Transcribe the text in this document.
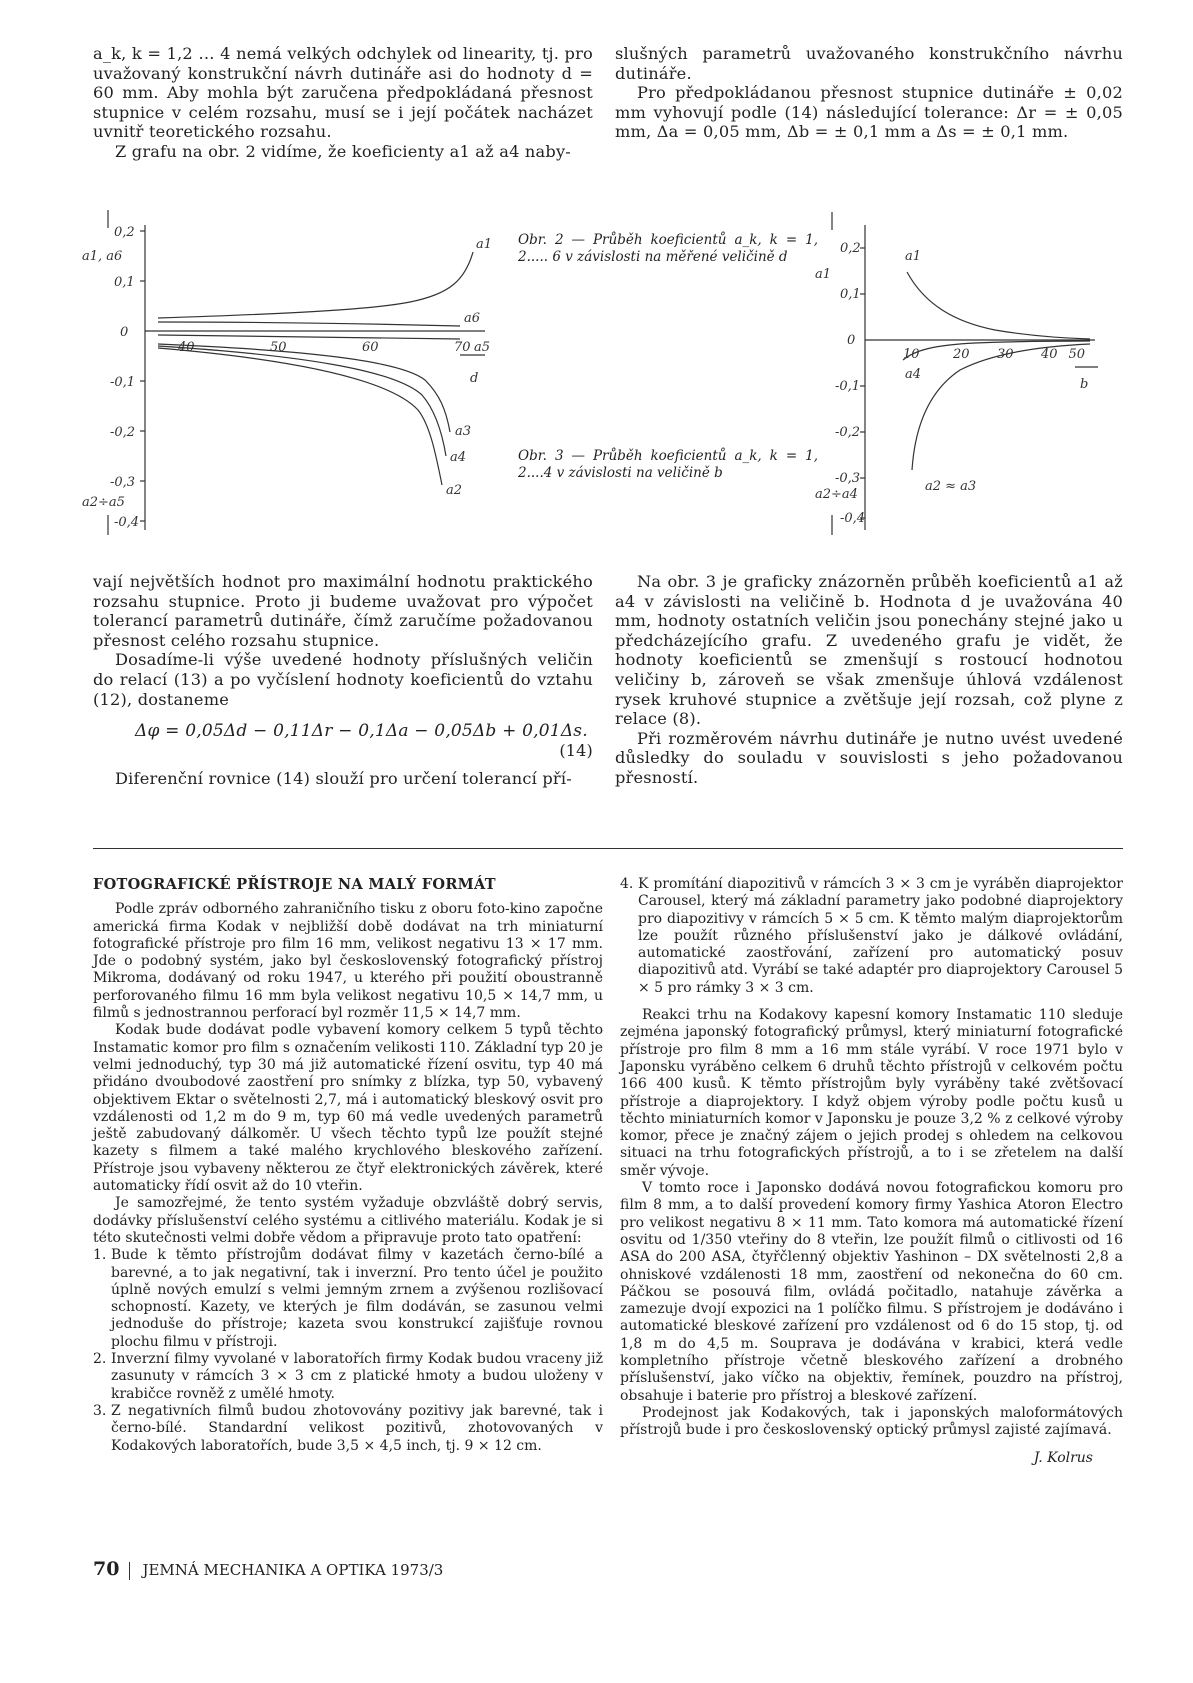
a_k, k = 1,2 … 4 nemá velkých odchylek od linearity, tj. pro uvažovaný konstrukční návrh dutináře asi do hodnoty d = 60 mm. Aby mohla být zaručena předpokládaná přesnost stupnice v celém rozsahu, musí se i její počátek nacházet uvnitř teoretického rozsahu.

Z grafu na obr. 2 vidíme, že koeficienty a1 až a4 naby-

slušných parametrů uvažovaného konstrukčního návrhu dutináře.

Pro předpokládanou přesnost stupnice dutináře ± 0,02 mm vyhovují podle (14) následující tolerance: Δr = ± 0,05 mm, Δa = 0,05 mm, Δb = ± 0,1 mm a Δs = ± 0,1 mm.

0,2
0,1
0
-0,1
-0,2
-0,3
-0,4
a1, a6
a2÷a5
40	50	60	70
d
a1
a6
a5
a3
a4
a2
Obr. 2 — Průběh koeficientů a_k, k = 1, 2..... 6 v závislosti na měřené veličině d
Obr. 3 — Průběh koeficientů a_k, k = 1, 2....4 v závislosti na veličině b
0,2
0,1
0
-0,1
-0,2
-0,3
-0,4
a1
a2÷a4
10	20 30 40 50
b
a1
a4
a2 ≈ a3

vají největších hodnot pro maximální hodnotu praktického rozsahu stupnice. Proto ji budeme uvažovat pro výpočet tolerancí parametrů dutináře, čímž zaručíme požadovanou přesnost celého rozsahu stupnice.

Dosadíme-li výše uvedené hodnoty příslušných veličin do relací (13) a po vyčíslení hodnoty koeficientů do vztahu (12), dostaneme

Δφ = 0,05Δd − 0,11Δr − 0,1Δa − 0,05Δb + 0,01Δs.

(14)

Diferenční rovnice (14) slouží pro určení tolerancí pří-

Na obr. 3 je graficky znázorněn průběh koeficientů a1 až a4 v závislosti na veličině b. Hodnota d je uvažována 40 mm, hodnoty ostatních veličin jsou ponechány stejné jako u předcházejícího grafu. Z uvedeného grafu je vidět, že hodnoty koeficientů se zmenšují s rostoucí hodnotou veličiny b, zároveň se však zmenšuje úhlová vzdálenost rysek kruhové stupnice a zvětšuje její rozsah, což plyne z relace (8).

Při rozměrovém návrhu dutináře je nutno uvést uvedené důsledky do souladu v souvislosti s jeho požadovanou přesností.

FOTOGRAFICKÉ PŘÍSTROJE NA MALÝ FORMÁT

Podle zpráv odborného zahraničního tisku z oboru foto-kino započne americká firma Kodak v nejbližší době dodávat na trh miniaturní fotografické přístroje pro film 16 mm, velikost negativu 13 × 17 mm. Jde o podobný systém, jako byl československý fotografický přístroj Mikroma, dodávaný od roku 1947, u kterého při použití oboustranně perforovaného filmu 16 mm byla velikost negativu 10,5 × 14,7 mm, u filmů s jednostrannou perforací byl rozměr 11,5 × 14,7 mm.

Kodak bude dodávat podle vybavení komory celkem 5 typů těchto Instamatic komor pro film s označením velikosti 110. Základní typ 20 je velmi jednoduchý, typ 30 má již automatické řízení osvitu, typ 40 má přidáno dvoubodové zaostření pro snímky z blízka, typ 50, vybavený objektivem Ektar o světelnosti 2,7, má i automatický bleskový osvit pro vzdálenosti od 1,2 m do 9 m, typ 60 má vedle uvedených parametrů ještě zabudovaný dálkoměr. U všech těchto typů lze použít stejné kazety s filmem a také malého krychlového bleskového zařízení. Přístroje jsou vybaveny některou ze čtyř elektronických závěrek, které automaticky řídí osvit až do 10 vteřin.

Je samozřejmé, že tento systém vyžaduje obzvláště dobrý servis, dodávky příslušenství celého systému a citlivého materiálu. Kodak je si této skutečnosti velmi dobře vědom a připravuje proto tato opatření:

1. Bude k těmto přístrojům dodávat filmy v kazetách černo-bílé a barevné, a to jak negativní, tak i inverzní. Pro tento účel je použito úplně nových emulzí s velmi jemným zrnem a zvýšenou rozlišovací schopností. Kazety, ve kterých je film dodáván, se zasunou velmi jednoduše do přístroje; kazeta svou konstrukcí zajišťuje rovnou plochu filmu v přístroji.
2. Inverzní filmy vyvolané v laboratořích firmy Kodak budou vraceny již zasunuty v rámcích 3 × 3 cm z platické hmoty a budou uloženy v krabičce rovněž z umělé hmoty.
3. Z negativních filmů budou zhotovovány pozitivy jak barevné, tak i černo-bílé. Standardní velikost pozitivů, zhotovovaných v Kodakových laboratořích, bude 3,5 × 4,5 inch, tj. 9 × 12 cm.
4. K promítání diapozitivů v rámcích 3 × 3 cm je vyráběn diaprojektor Carousel, který má základní parametry jako podobné diaprojektory pro diapozitivy v rámcích 5 × 5 cm. K těmto malým diaprojektorům lze použít různého příslušenství jako je dálkové ovládání, automatické zaostřování, zařízení pro automatický posuv diapozitivů atd. Vyrábí se také adaptér pro diaprojektory Carousel 5 × 5 pro rámky 3 × 3 cm.

Reakci trhu na Kodakovy kapesní komory Instamatic 110 sleduje zejména japonský fotografický průmysl, který miniaturní fotografické přístroje pro film 8 mm a 16 mm stále vyrábí. V roce 1971 bylo v Japonsku vyráběno celkem 6 druhů těchto přístrojů v celkovém počtu 166 400 kusů. K těmto přístrojům byly vyráběny také zvětšovací přístroje a diaprojektory. I když objem výroby podle počtu kusů u těchto miniaturních komor v Japonsku je pouze 3,2 % z celkové výroby komor, přece je značný zájem o jejich prodej s ohledem na celkovou situaci na trhu fotografických přístrojů, a to i se zřetelem na další směr vývoje.

V tomto roce i Japonsko dodává novou fotografickou komoru pro film 8 mm, a to další provedení komory firmy Yashica Atoron Electro pro velikost negativu 8 × 11 mm. Tato komora má automatické řízení osvitu od 1/350 vteřiny do 8 vteřin, lze použít filmů o citlivosti od 16 ASA do 200 ASA, čtyřčlenný objektiv Yashinon – DX světelnosti 2,8 a ohniskové vzdálenosti 18 mm, zaostření od nekonečna do 60 cm. Páčkou se posouvá film, ovládá počitadlo, natahuje závěrka a zamezuje dvojí expozici na 1 políčko filmu. S přístrojem je dodáváno i automatické bleskové zařízení pro vzdálenost od 6 do 15 stop, tj. od 1,8 m do 4,5 m. Souprava je dodávána v krabici, která vedle kompletního přístroje včetně bleskového zařízení a drobného příslušenství, jako víčko na objektiv, řemínek, pouzdro na přístroj, obsahuje i baterie pro přístroj a bleskové zařízení.

Prodejnost jak Kodakových, tak i japonských maloformátových přístrojů bude i pro československý optický průmysl zajisté zajímavá.

J. Kolrus
70 JEMNÁ MECHANIKA A OPTIKA 1973/3
